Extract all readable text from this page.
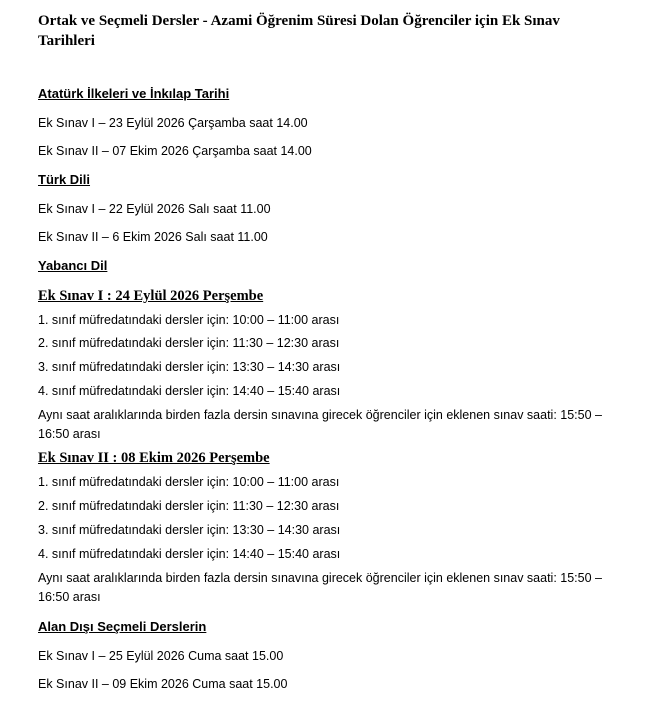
Ortak ve Seçmeli Dersler - Azami Öğrenim Süresi Dolan Öğrenciler için Ek Sınav Tarihleri
Atatürk İlkeleri ve İnkılap Tarihi
Ek Sınav I – 23 Eylül 2026 Çarşamba saat 14.00
Ek Sınav II – 07 Ekim 2026 Çarşamba saat 14.00
Türk Dili
Ek Sınav I – 22 Eylül 2026 Salı saat 11.00
Ek Sınav II – 6 Ekim 2026 Salı saat 11.00
Yabancı Dil
Ek Sınav I : 24 Eylül 2026 Perşembe
1. sınıf müfredatındaki dersler için: 10:00 – 11:00 arası
2. sınıf müfredatındaki dersler için: 11:30 – 12:30 arası
3. sınıf müfredatındaki dersler için: 13:30 – 14:30 arası
4. sınıf müfredatındaki dersler için: 14:40 – 15:40 arası
Aynı saat aralıklarında birden fazla dersin sınavına girecek öğrenciler için eklenen sınav saati: 15:50 – 16:50 arası
Ek Sınav II : 08 Ekim 2026 Perşembe
1. sınıf müfredatındaki dersler için: 10:00 – 11:00 arası
2. sınıf müfredatındaki dersler için: 11:30 – 12:30 arası
3. sınıf müfredatındaki dersler için: 13:30 – 14:30 arası
4. sınıf müfredatındaki dersler için: 14:40 – 15:40 arası
Aynı saat aralıklarında birden fazla dersin sınavına girecek öğrenciler için eklenen sınav saati: 15:50 – 16:50 arası
Alan Dışı Seçmeli Derslerin
Ek Sınav I – 25 Eylül 2026 Cuma saat 15.00
Ek Sınav II – 09 Ekim 2026 Cuma saat 15.00
